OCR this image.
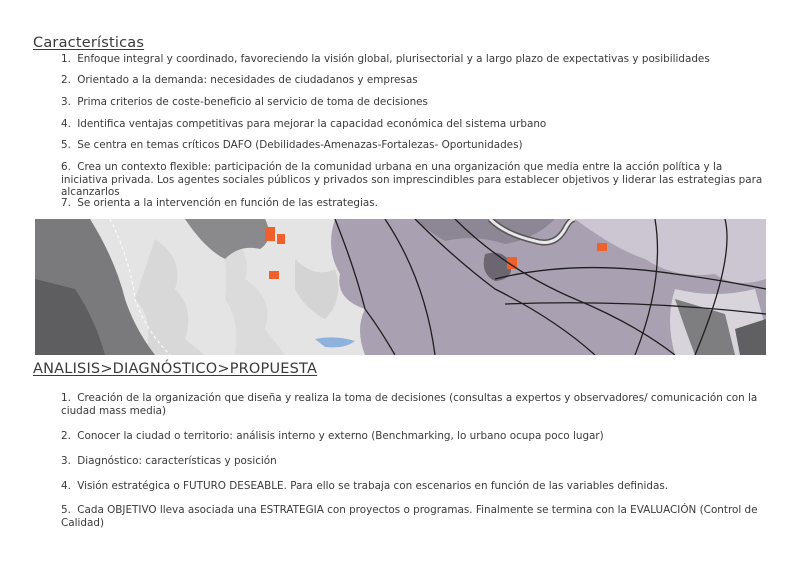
Características
1. Enfoque integral y coordinado, favoreciendo la visión global, plurisectorial y a largo plazo de expectativas y posibilidades
2. Orientado a la demanda: necesidades de ciudadanos y empresas
3. Prima criterios de coste-beneficio al servicio de toma de decisiones
4. Identifica ventajas competitivas para mejorar la capacidad económica del sistema urbano
5. Se centra en temas críticos DAFO (Debilidades-Amenazas-Fortalezas- Oportunidades)
6. Crea un contexto flexible: participación de la comunidad urbana en una organización que media entre la acción política y la iniciativa privada. Los agentes sociales públicos y privados son imprescindibles para establecer objetivos y liderar las estrategias para alcanzarlos
7. Se orienta a la intervención en función de las estrategias.
ANALISIS>DIAGNÓSTICO>PROPUESTA
1. Creación de la organización que diseña y realiza la toma de decisiones (consultas a expertos y observadores/ comunicación con la ciudad mass media)
2. Conocer la ciudad o territorio: análisis interno y externo (Benchmarking, lo urbano ocupa poco lugar)
3. Diagnóstico: características y posición
4. Visión estratégica o FUTURO DESEABLE. Para ello se trabaja con escenarios en función de las variables definidas.
5. Cada OBJETIVO lleva asociada una ESTRATEGIA con proyectos o programas. Finalmente se termina con la EVALUACIÓN (Control de Calidad)
